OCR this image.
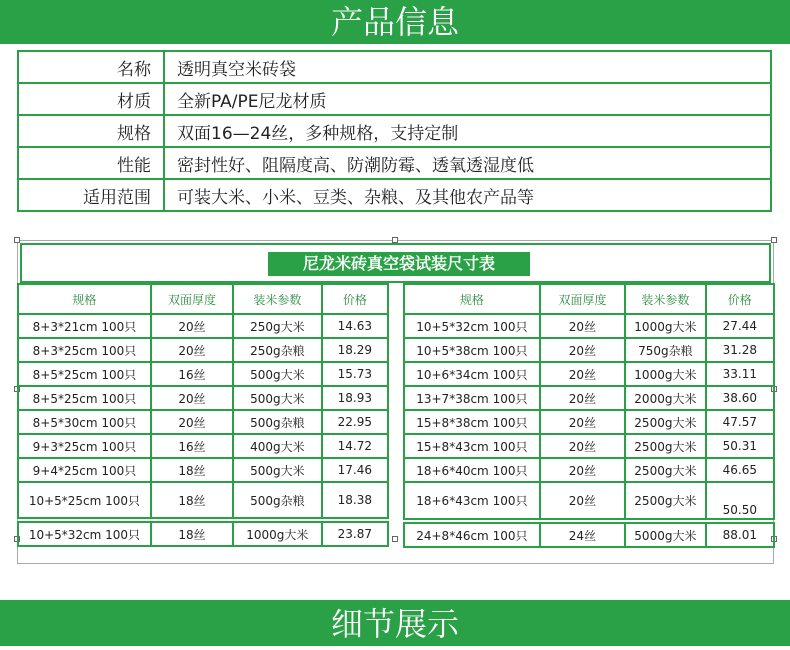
产品信息
名称	透明真空米砖袋
材质	全新PA/PE尼龙材质
规格	双面16—24丝，多种规格，支持定制
性能	密封性好、阻隔度高、防潮防霉、透氧透湿度低
适用范围	可装大米、小米、豆类、杂粮、及其他农产品等
尼龙米砖真空袋试装尺寸表
规格	双面厚度	装米参数	价格
8+3*21cm 100只	20丝	250g大米	14.63
8+3*25cm 100只	20丝	250g杂粮	18.29
8+5*25cm 100只	16丝	500g大米	15.73
8+5*25cm 100只	20丝	500g大米	18.93
8+5*30cm 100只	20丝	500g杂粮	22.95
9+3*25cm 100只	16丝	400g大米	14.72
9+4*25cm 100只	18丝	500g大米	17.46
10+5*25cm 100只	18丝	500g杂粮	18.38
10+5*32cm 100只	18丝	1000g大米	23.87
规格	双面厚度	装米参数	价格
10+5*32cm 100只	20丝	1000g大米	27.44
10+5*38cm 100只	20丝	750g杂粮	31.28
10+6*34cm 100只	20丝	1000g大米	33.11
13+7*38cm 100只	20丝	2000g大米	38.60
15+8*38cm 100只	20丝	2500g大米	47.57
15+8*43cm 100只	20丝	2500g大米	50.31
18+6*40cm 100只	20丝	2500g大米	46.65
18+6*43cm 100只	20丝	2500g大米	50.50
24+8*46cm 100只	24丝	5000g大米	88.01
细节展示
